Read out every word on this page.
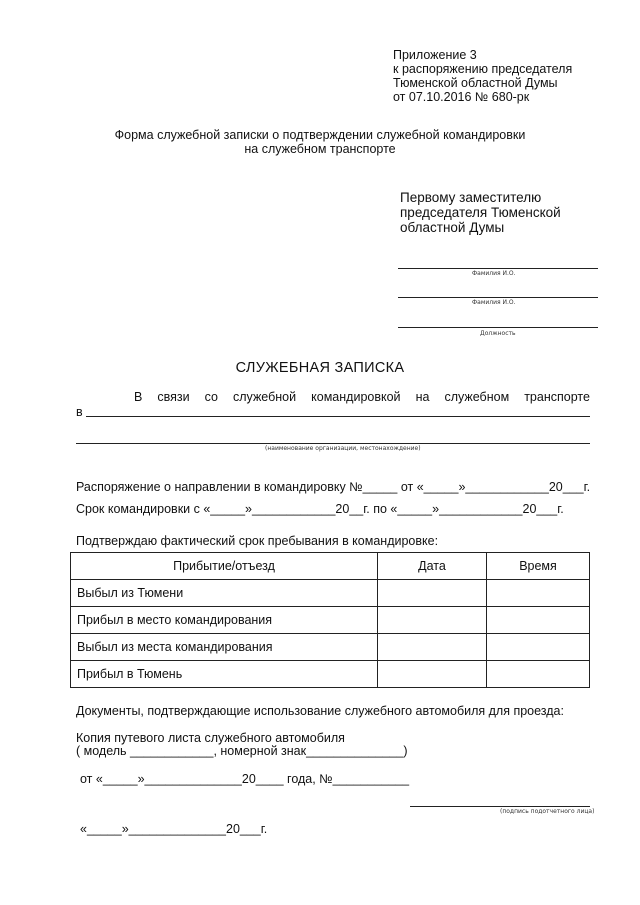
Приложение 3
к распоряжению председателя
Тюменской областной Думы
от 07.10.2016 № 680-рк
Форма служебной записки о подтверждении служебной командировки
на служебном транспорте
Первому заместителю
председателя Тюменской
областной Думы
Фамилия И.О.
Фамилия И.О.
Должность
СЛУЖЕБНАЯ ЗАПИСКА
В связи со служебной командировкой на служебном транспорте
в
(наименование организации, местонахождение)
Распоряжение о направлении в командировку №_____ от «_____»____________20___г.
Срок командировки с «_____»____________20__г. по «_____»____________20___г.
Подтверждаю фактический срок пребывания в командировке:
Прибытие/отъезд	Дата	Время
Выбыл из Тюмени		
Прибыл в место командирования		
Выбыл из места командирования		
Прибыл в Тюмень		
Документы, подтверждающие использование служебного автомобиля для проезда:
Копия путевого листа служебного автомобиля
( модель ____________, номерной знак______________)
от «_____»______________20____ года, №___________
(подпись подотчетного лица)
«_____»______________20___г.
